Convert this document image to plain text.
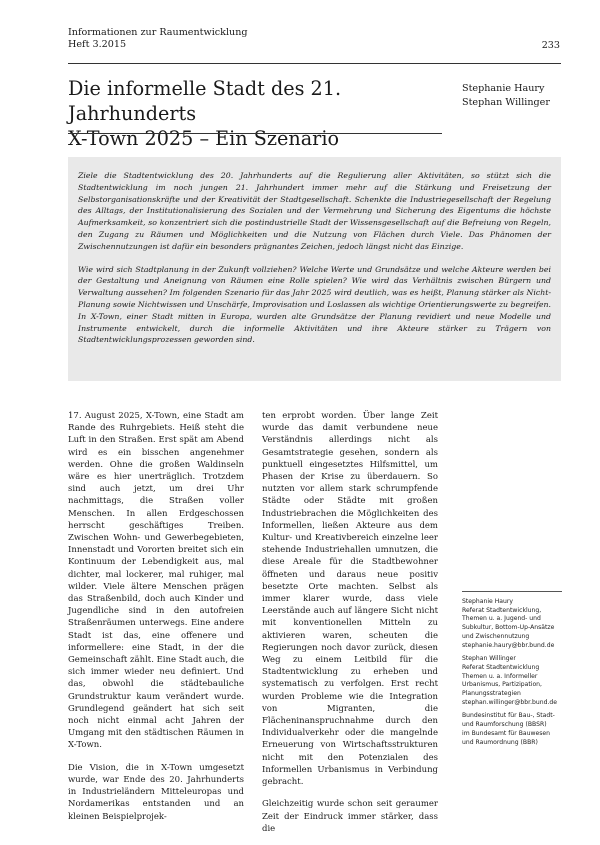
Informationen zur Raumentwicklung
Heft 3.2015	233
Die informelle Stadt des 21. Jahrhunderts
X-Town 2025 – Ein Szenario
Stephanie Haury
Stephan Willinger

Ziele die Stadtentwicklung des 20. Jahrhunderts auf die Regulierung aller Aktivitäten, so stützt sich die Stadtentwicklung im noch jungen 21. Jahrhundert immer mehr auf die Stärkung und Freisetzung der Selbstorganisationskräfte und der Kreativität der Stadtgesellschaft. Schenkte die Industriegesellschaft der Regelung des Alltags, der Institutionalisierung des Sozialen und der Vermehrung und Sicherung des Eigentums die höchste Aufmerksamkeit, so konzentriert sich die postindustrielle Stadt der Wissensgesellschaft auf die Befreiung von Regeln, den Zugang zu Räumen und Möglichkeiten und die Nutzung von Flächen durch Viele. Das Phänomen der Zwischennutzungen ist dafür ein besonders prägnantes Zeichen, jedoch längst nicht das Einzige.

Wie wird sich Stadtplanung in der Zukunft vollziehen? Welche Werte und Grundsätze und welche Akteure werden bei der Gestaltung und Aneignung von Räumen eine Rolle spielen? Wie wird das Verhältnis zwischen Bürgern und Verwaltung aussehen? Im folgenden Szenario für das Jahr 2025 wird deutlich, was es heißt, Planung stärker als Nicht-Planung sowie Nichtwissen und Unschärfe, Improvisation und Loslassen als wichtige Orientierungswerte zu begreifen. In X-Town, einer Stadt mitten in Europa, wurden alte Grundsätze der Planung revidiert und neue Modelle und Instrumente entwickelt, durch die informelle Aktivitäten und ihre Akteure stärker zu Trägern von Stadtentwicklungsprozessen geworden sind.

17. August 2025, X-Town, eine Stadt am Rande des Ruhrgebiets. Heiß steht die Luft in den Straßen. Erst spät am Abend wird es ein bisschen angenehmer werden. Ohne die großen Waldinseln wäre es hier unerträglich. Trotzdem sind auch jetzt, um drei Uhr nachmittags, die Straßen voller Menschen. In allen Erdgeschossen herrscht geschäftiges Treiben. Zwischen Wohn- und Gewerbegebieten, Innenstadt und Vororten breitet sich ein Kontinuum der Lebendigkeit aus, mal dichter, mal lockerer, mal ruhiger, mal wilder. Viele ältere Menschen prägen das Straßenbild, doch auch Kinder und Jugendliche sind in den autofreien Straßenräumen unterwegs. Eine andere Stadt ist das, eine offenere und informellere: eine Stadt, in der die Gemeinschaft zählt. Eine Stadt auch, die sich immer wieder neu definiert. Und das, obwohl die städtebauliche Grundstruktur kaum verändert wurde. Grundlegend geändert hat sich seit noch nicht einmal acht Jahren der Umgang mit den städtischen Räumen in X-Town.

Die Vision, die in X-Town umgesetzt wurde, war Ende des 20. Jahrhunderts in Industrieländern Mitteleuropas und Nordamerikas entstanden und an kleinen Beispielprojek-

ten erprobt worden. Über lange Zeit wurde das damit verbundene neue Verständnis allerdings nicht als Gesamtstrategie gesehen, sondern als punktuell eingesetztes Hilfsmittel, um Phasen der Krise zu überdauern. So nutzten vor allem stark schrumpfende Städte oder Städte mit großen Industriebrachen die Möglichkeiten des Informellen, ließen Akteure aus dem Kultur- und Kreativbereich einzelne leer stehende Industriehallen umnutzen, die diese Areale für die Stadtbewohner öffneten und daraus neue positiv besetzte Orte machten. Selbst als immer klarer wurde, dass viele Leerstände auch auf längere Sicht nicht mit konventionellen Mitteln zu aktivieren waren, scheuten die Regierungen noch davor zurück, diesen Weg zu einem Leitbild für die Stadtentwicklung zu erheben und systematisch zu verfolgen. Erst recht wurden Probleme wie die Integration von Migranten, die Flächeninanspruchnahme durch den Individualverkehr oder die mangelnde Erneuerung von Wirtschaftsstrukturen nicht mit den Potenzialen des Informellen Urbanismus in Verbindung gebracht.

Gleichzeitig wurde schon seit geraumer Zeit der Eindruck immer stärker, dass die

Stephanie Haury
Referat Stadtentwicklung,
Themen u. a. Jugend- und
Subkultur, Bottom-Up-Ansätze
und Zwischennutzung
stephanie.haury@bbr.bund.de
Stephan Willinger
Referat Stadtentwicklung
Themen u. a. Informeller
Urbanismus, Partizipation,
Planungsstrategien
stephan.willinger@bbr.bund.de
Bundesinstitut für Bau-, Stadt-
und Raumforschung (BBSR)
im Bundesamt für Bauwesen
und Raumordnung (BBR)
